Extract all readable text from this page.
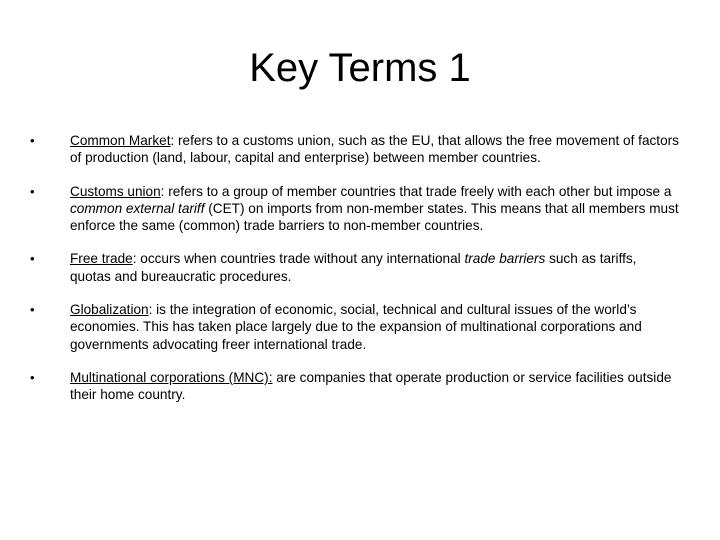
Key Terms 1
•	Common Market: refers to a customs union, such as the EU, that allows the free movement of factors of production (land, labour, capital and enterprise) between member countries.
•	Customs union: refers to a group of member countries that trade freely with each other but impose a common external tariff (CET) on imports from non-member states. This means that all members must enforce the same (common) trade barriers to non-member countries.
•	Free trade: occurs when countries trade without any international trade barriers such as tariffs, quotas and bureaucratic procedures.
•	Globalization: is the integration of economic, social, technical and cultural issues of the world’s economies. This has taken place largely due to the expansion of multinational corporations and governments advocating freer international trade.
•	Multinational corporations (MNC): are companies that operate production or service facilities outside their home country.
